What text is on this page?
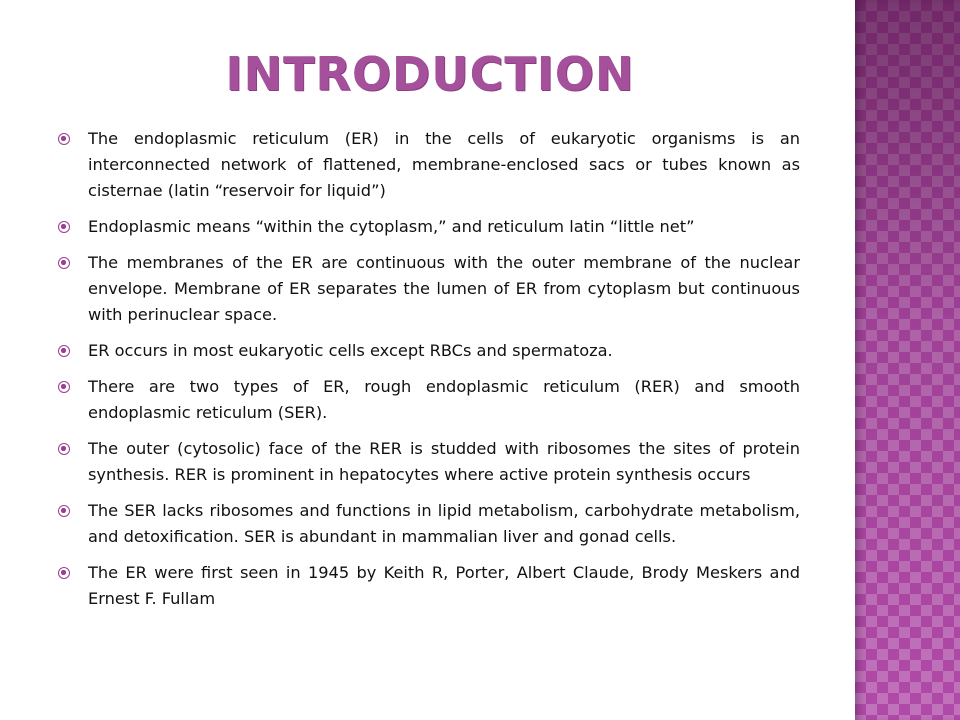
INTRODUCTION
The endoplasmic reticulum (ER) in the cells of eukaryotic organisms is an interconnected network of flattened, membrane-enclosed sacs or tubes known as cisternae (latin “reservoir for liquid”)
Endoplasmic means “within the cytoplasm,” and reticulum latin “little net”
The membranes of the ER are continuous with the outer membrane of the nuclear envelope. Membrane of ER separates the lumen of ER from cytoplasm but continuous with perinuclear space.
ER occurs in most eukaryotic cells except RBCs and spermatoza.
There are two types of ER, rough endoplasmic reticulum (RER) and smooth endoplasmic reticulum (SER).
The outer (cytosolic) face of the RER is studded with ribosomes the sites of protein synthesis. RER is prominent in hepatocytes where active protein synthesis occurs
The SER lacks ribosomes and functions in lipid metabolism, carbohydrate metabolism, and detoxification. SER is abundant in mammalian liver and gonad cells.
The ER were first seen in 1945 by Keith R, Porter, Albert Claude, Brody Meskers and Ernest F. Fullam
